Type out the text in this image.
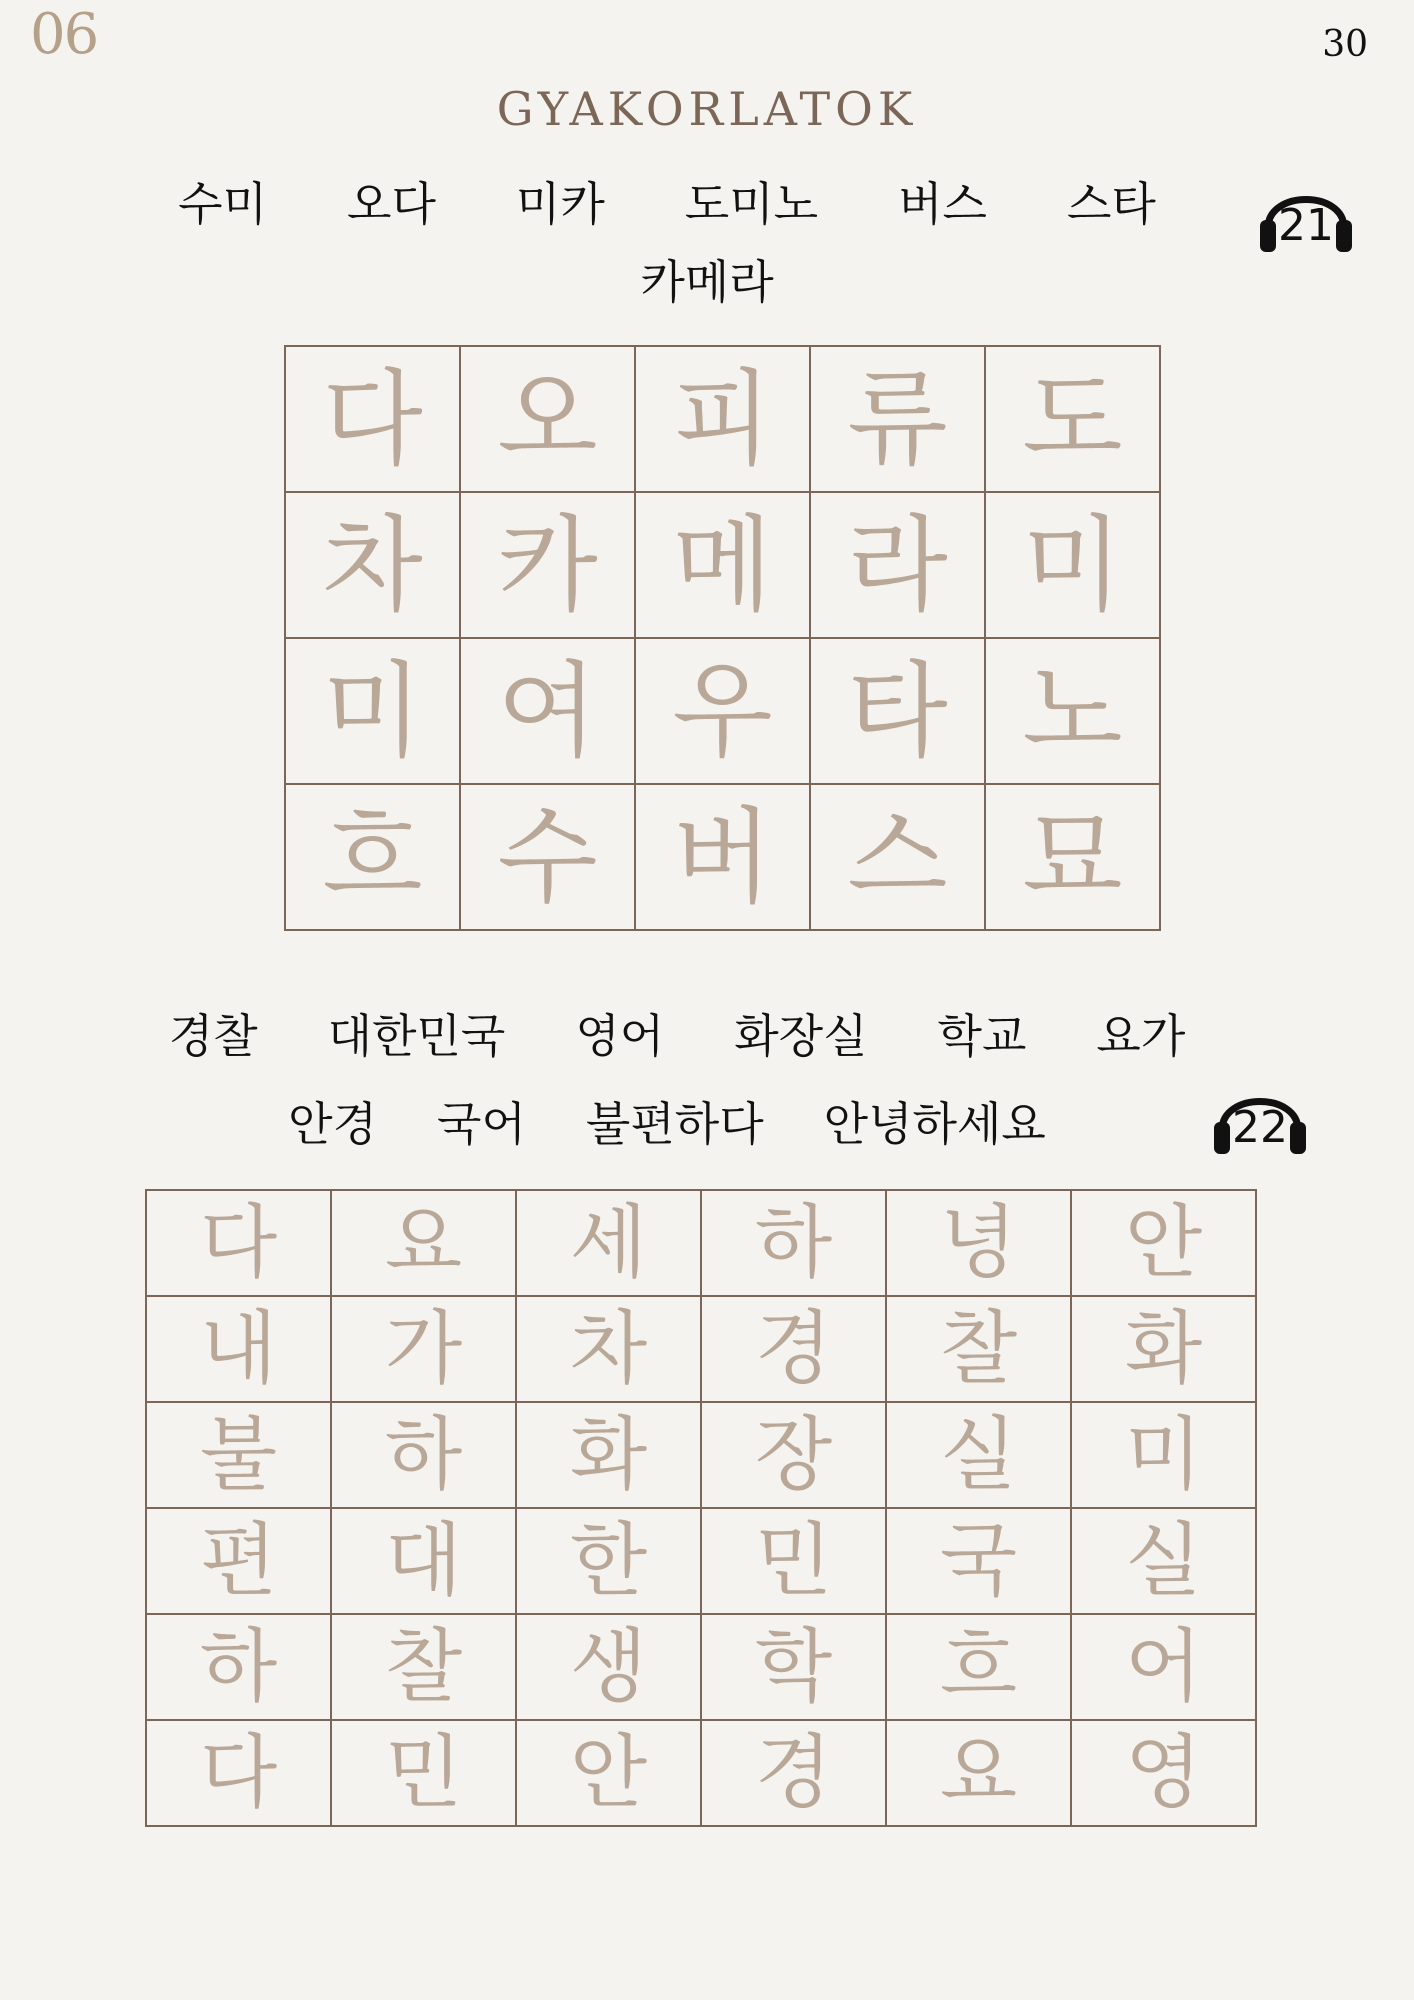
06	30
GYAKORLATOK
수미 오다 미카 도미노 버스 스타
카메라
21
다	오	피	류	도
차	카	메	라	미
미	여	우	타	노
흐	수	버	스	묘
경찰 대한민국 영어 화장실 학교 요가
안경 국어 불편하다 안녕하세요	22
다	요	세	하	녕	안
내	가	차	경	찰	화
불	하	화	장	실	미
편	대	한	민	국	실
하	찰	생	학	흐	어
다	민	안	경	요	영
